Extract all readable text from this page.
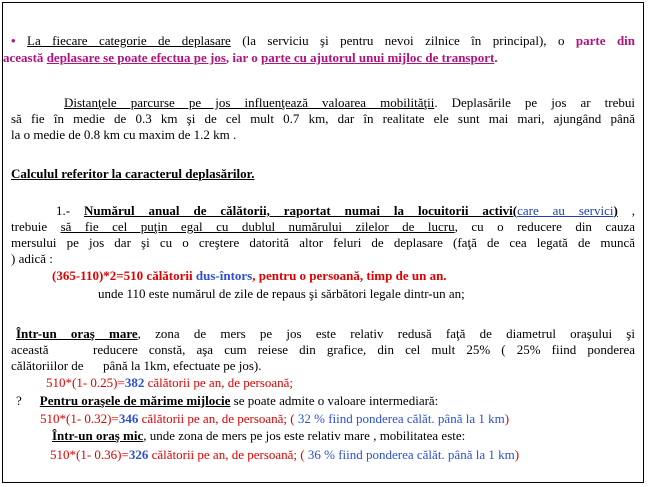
• La fiecare categorie de deplasare (la serviciu şi pentru nevoi zilnice în principal), o parte din
această deplasare se poate efectua pe jos, iar o parte cu ajutorul unui mijloc de transport.
Distanţele parcurse pe jos influenţează valoarea mobilităţii. Deplasările pe jos ar trebui
să fie în medie de 0.3 km şi de cel mult 0.7 km, dar în realitate ele sunt mai mari, ajungând până
la o medie de 0.8 km cu maxim de 1.2 km .
Calculul referitor la caracterul deplasărilor.
1.- Numărul anual de călătorii, raportat numai la locuitorii activi(care au servici) ,
trebuie să fie cel puţin egal cu dublul numărului zilelor de lucru, cu o reducere din cauza
mersului pe jos dar şi cu o creştere datorită altor feluri de deplasare (faţă de cea legată de muncă
) adică :
(365-110)*2=510 călătorii dus-întors, pentru o persoană, timp de un an.
unde 110 este numărul de zile de repaus şi sărbători legale dintr-un an;
Într-un oraş mare, zona de mers pe jos este relativ redusă faţă de diametrul oraşului şi
această    reducere constă, aşa cum reiese din grafice, din cel mult 25% ( 25% fiind ponderea
călătoriilor de      până la 1km, efectuate pe jos).
510*(1- 0.25)=382 călătorii pe an, de persoană;
? Pentru oraşele de mărime mijlocie se poate admite o valoare intermediară:
510*(1- 0.32)=346 călătorii pe an, de persoană; ( 32 % fiind ponderea călăt. până la 1 km)
Într-un oraş mic, unde zona de mers pe jos este relativ mare , mobilitatea este:
510*(1- 0.36)=326 călătorii pe an, de persoană; ( 36 % fiind ponderea călăt. până la 1 km)
